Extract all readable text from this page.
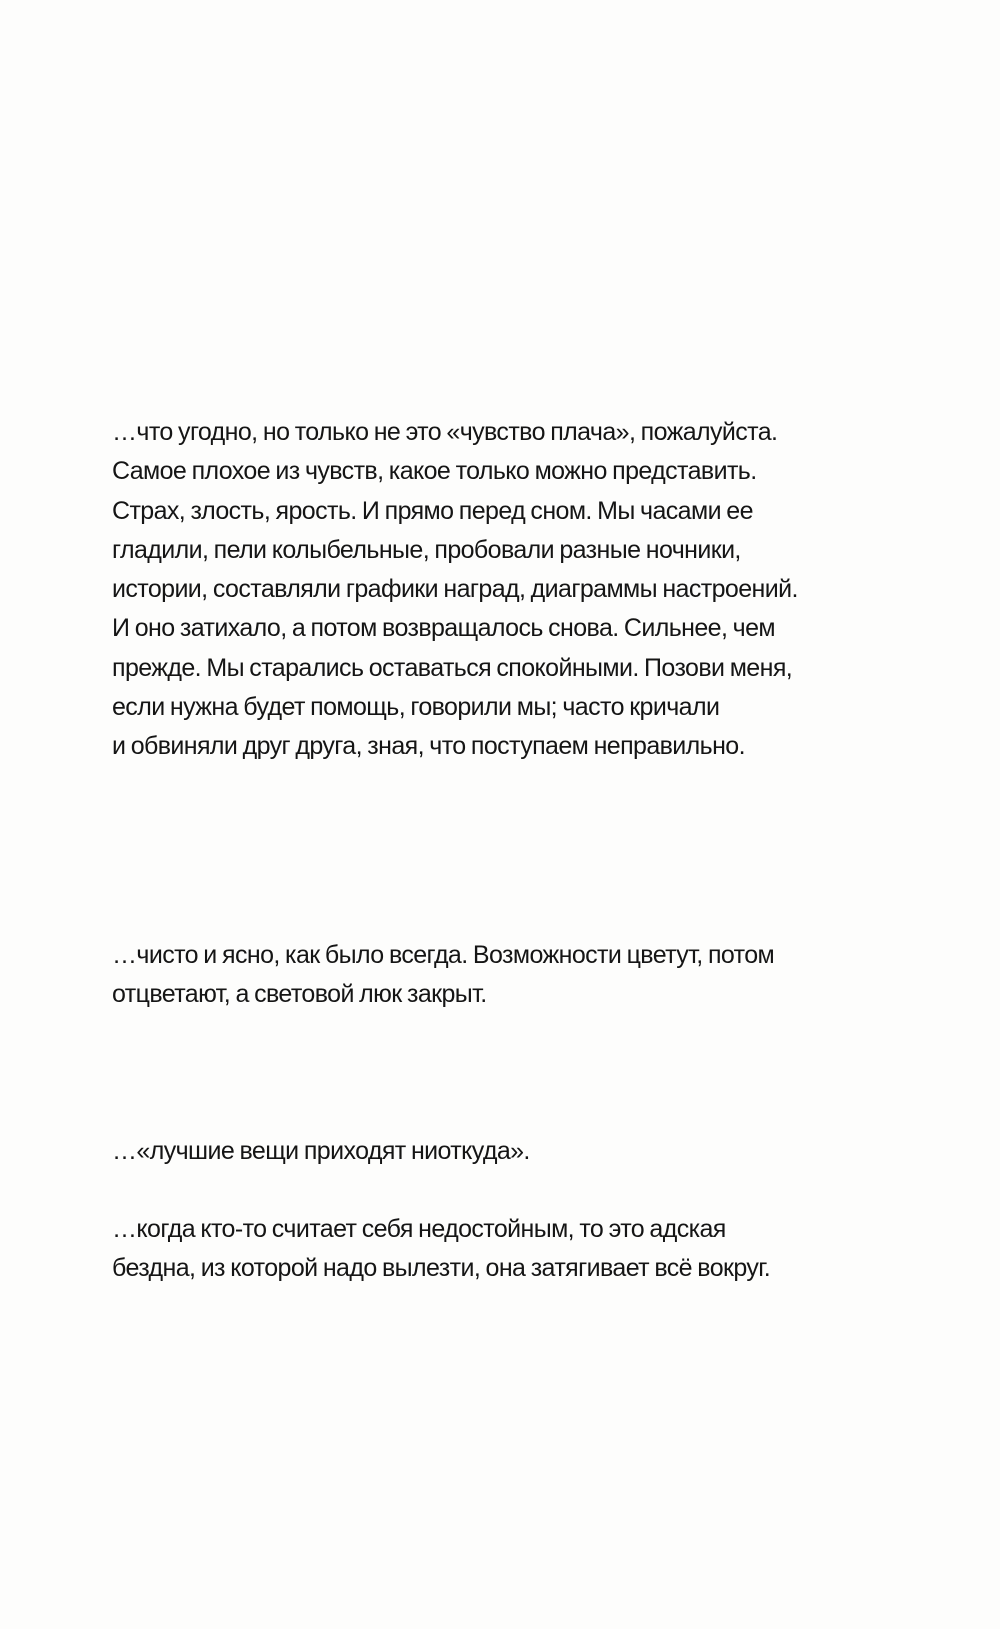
…что угодно, но только не это «чувство плача», пожалуйста.
Самое плохое из чувств, какое только можно представить.
Страх, злость, ярость. И прямо перед сном. Мы часами ее
гладили, пели колыбельные, пробовали разные ночники,
истории, составляли графики наград, диаграммы настроений.
И оно затихало, а потом возвращалось снова. Сильнее, чем
прежде. Мы старались оставаться спокойными. Позови меня,
если нужна будет помощь, говорили мы; часто кричали
и обвиняли друг друга, зная, что поступаем неправильно.
…чисто и ясно, как было всегда. Возможности цветут, потом
отцветают, а световой люк закрыт.
…«лучшие вещи приходят ниоткуда».
…когда кто-то считает себя недостойным, то это адская
бездна, из которой надо вылезти, она затягивает всё вокруг.
